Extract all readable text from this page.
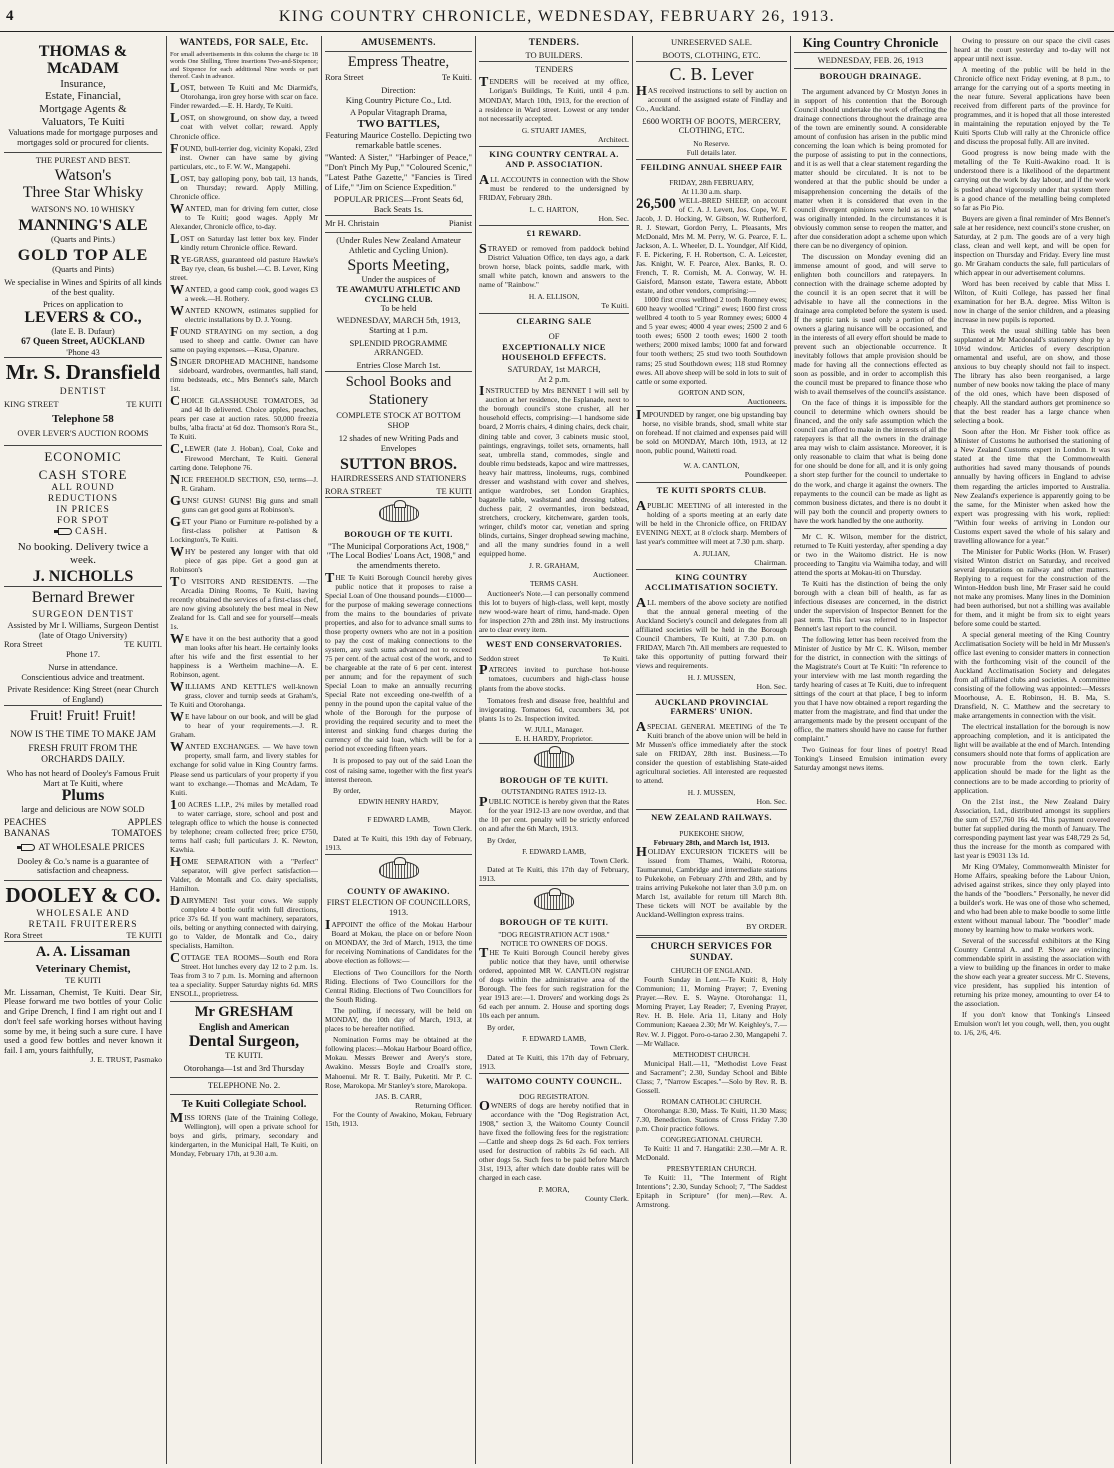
4	KING COUNTRY CHRONICLE, WEDNESDAY, FEBRUARY 26, 1913.
THOMAS & McADAM
Insurance,
Estate, Financial,
Mortgage Agents &
Valuators, Te Kuiti
Valuations made for mortgage purposes and mortgages sold or procured for clients.
THE PUREST AND BEST.
Watson's
Three Star Whisky
WATSON'S NO. 10 WHISKY
MANNING'S ALE
(Quarts and Pints.)
GOLD TOP ALE
(Quarts and Pints)
We specialise in Wines and Spirits of all kinds of the best quality.
Prices on application to
LEVERS & CO.,
(late E. B. Dufaur)
67 Queen Street, AUCKLAND
'Phone 43
Mr. S. Dransfield
DENTIST
KING STREET	TE KUITI
Telephone 58
OVER LEVER'S AUCTION ROOMS
ECONOMIC
CASH STORE
ALL ROUND
REDUCTIONS
IN PRICES
FOR SPOT
CASH.
No booking. Delivery twice a week.
J. NICHOLLS
Bernard Brewer
SURGEON DENTIST
Assisted by Mr I. Williams, Surgeon Dentist (late of Otago University)
Rora Street	TE KUITI.
Phone 17.
Nurse in attendance.
Conscientious advice and treatment.
Private Residence: King Street (near Church of England)
Fruit! Fruit! Fruit!
NOW IS THE TIME TO MAKE JAM
FRESH FRUIT FROM THE ORCHARDS DAILY.
Who has not heard of Dooley's Famous Fruit Mart at Te Kuiti, where
Plums
large and delicious are NOW SOLD
PEACHES	APPLES
BANANAS	TOMATOES
AT WHOLESALE PRICES
Dooley & Co.'s name is a guarantee of satisfaction and cheapness.
DOOLEY & CO.
WHOLESALE AND
RETAIL FRUITERERS
Rora Street	TE KUITI
A. A. Lissaman
Veterinary Chemist,
TE KUITI
Mr. Lissaman, Chemist, Te Kuiti. Dear Sir, Please forward me two bottles of your Colic and Gripe Drench, I find I am right out and I don't feel safe working horses without having some by me, it being such a sure cure. I have used a good few bottles and never known it fail. I am, yours faithfully,
J. E. TRUST, Pasmako
WANTEDS, FOR SALE, Etc.
For small advertisements in this column the charge is: 18 words One Shilling, Three insertions Two-and-Sixpence; and Sixpence for each additional Nine words or part thereof. Cash in advance.
LOST, between Te Kuiti and Mc Diarmid's, Otorohanga, iron grey horse with scar on face. Finder rewarded.—E. H. Hardy, Te Kuiti.
LOST, on showground, on show day, a tweed coat with velvet collar; reward. Apply Chronicle office.
FOUND, bull-terrier dog, vicinity Kopaki, 23rd inst. Owner can have same by giving particulars, etc., to F. W. W., Mangapehi.
LOST, bay galloping pony, bob tail, 13 hands, on Thursday; reward. Apply Milling, Chronicle office.
WANTED, man for driving fern cutter, close to Te Kuiti; good wages. Apply Mr Alexander, Chronicle office, to-day.
LOST on Saturday last letter box key. Finder kindly return Chronicle office. Reward.
RYE-GRASS, guaranteed old pasture Hawke's Bay rye, clean, 6s bushel.—C. B. Lever, King street.
WANTED, a good camp cook, good wages £3 a week.—H. Rothery.
WANTED KNOWN, estimates supplied for electric installations by D. J. Young.
FOUND STRAYING on my section, a dog used to sheep and cattle. Owner can have same on paying expenses.—Kusa, Oparure.
SINGER DROPHEAD MACHINE, handsome sideboard, wardrobes, overmantles, hall stand, rimu bedsteads, etc., Mrs Bennet's sale, March 1st.
CHOICE GLASSHOUSE TOMATOES, 3d and 4d lb delivered. Choice apples, peaches, pears per case at auction rates. 50,000 freezia bulbs, 'alba fracta' at 6d doz. Thomson's Rora St., Te Kuiti.
C.LEWER (late J. Hoban), Coal, Coke and Firewood Merchant, Te Kuiti. General carting done. Telephone 76.
NICE FREEHOLD SECTION, £50, terms—J. R. Graham.
GUNS! GUNS! GUNS! Big guns and small guns can get good guns at Robinson's.
GET your Piano or Furniture re-polished by a first-class polisher at Pattison & Lockington's, Te Kuiti.
WHY be pestered any longer with that old piece of gas pipe. Get a good gun at Robinson's
TO VISITORS AND RESIDENTS. —The Arcadia Dining Rooms, Te Kuiti, having recently obtained the services of a first-class chef, are now giving absolutely the best meal in New Zealand for 1s. Call and see for yourself—meals 1s.
WE have it on the best authority that a good man looks after his heart. He certainly looks after his wife and the first essential to her happiness is a Wertheim machine—A. E. Robinson, agent.
WILLIAMS AND KETTLE'S well-known grass, clover and turnip seeds at Graham's, Te Kuiti and Otorohanga.
WE have labour on our book, and will be glad to hear of your requirements.—J. R. Graham.
WANTED EXCHANGES. — We have town property, small farm, and livery stables for exchange for solid value in King Country farms. Please send us particulars of your property if you want to exchange.—Thomas and McAdam, Te Kuiti.
100 ACRES L.I.P., 2¼ miles by metalled road to water carriage, store, school and post and telegraph office to which the house is connected by telephone; cream collected free; price £750, terms half cash; full particulars J. K. Newton, Kawhia.
HOME SEPARATION with a "Perfect" separator, will give perfect satisfaction—Valder, de Montalk and Co. dairy specialists, Hamilton.
DAIRYMEN! Test your cows. We supply complete 4 bottle outfit with full directions, price 37s 6d. If you want machinery, separators, oils, belting or anything connected with dairying, go to Valder, de Montalk and Co., dairy specialists, Hamilton.
COTTAGE TEA ROOMS—South end Rora Street. Hot lunches every day 12 to 2 p.m. 1s. Teas from 3 to 7 p.m. 1s. Morning and afternoon tea a speciality. Supper Saturday nights 6d. MRS ENSOLL, proprietress.
Mr GRESHAM
English and American
Dental Surgeon,
TE KUITI.
Otorohanga—1st and 3rd Thursday
TELEPHONE No. 2.
Te Kuiti Collegiate School.
MISS IORNS (late of the Training College, Wellington), will open a private school for boys and girls, primary, secondary and kindergarten, in the Municipal Hall, Te Kuiti, on Monday, February 17th, at 9.30 a.m.
AMUSEMENTS.
Empress Theatre,
Rora Street	Te Kuiti.
Direction:
King Country Picture Co., Ltd.
A Popular Vitagraph Drama,
TWO BATTLES,
Featuring Maurice Costello. Depicting two remarkable battle scenes.
"Wanted: A Sister," "Harbinger of Peace," "Don't Pinch My Pup," "Coloured Scenic," "Latest Pathe Gazette," "Fancies is Tired of Life," "Jim on Science Expedition."
POPULAR PRICES—Front Seats 6d, Back Seats 1s.
Mr H. Christain	Pianist
(Under Rules New Zealand Amateur Athletic and Cycling Union).
Sports Meeting,
Under the auspices of
TE AWAMUTU ATHLETIC AND CYCLING CLUB.
To be held
WEDNESDAY, MARCH 5th, 1913,
Starting at 1 p.m.
SPLENDID PROGRAMME ARRANGED.
Entries Close March 1st.
School Books and
Stationery
COMPLETE STOCK AT BOTTOM SHOP
12 shades of new Writing Pads and Envelopes
SUTTON BROS.
HAIRDRESSERS AND STATIONERS
RORA STREET	TE KUITI
BOROUGH OF TE KUITI.
"The Municipal Corporations Act, 1908," "The Local Bodies' Loans Act, 1908," and the amendments thereto.
THE Te Kuiti Borough Council hereby gives public notice that it proposes to raise a Special Loan of One thousand pounds—£1000—for the purpose of making sewerage connections from the mains to the boundaries of private properties, and also for to advance small sums to those property owners who are not in a position to pay the cost of making connections to the system, any such sums advanced not to exceed 75 per cent. of the actual cost of the work, and to be chargeable at the rate of 6 per cent. interest per annum; and for the repayment of such Special Loan to make an annually recurring Special Rate not exceeding one-twelfth of a penny in the pound upon the capital value of the whole of the Borough for the purpose of providing the required security and to meet the interest and sinking fund charges during the currency of the said loan, which will be for a period not exceeding fifteen years.
It is proposed to pay out of the said Loan the cost of raising same, together with the first year's interest thereon.
By order,
EDWIN HENRY HARDY,
Mayor.
F EDWARD LAMB,
Town Clerk.
Dated at Te Kuiti, this 19th day of February, 1913.
COUNTY OF AWAKINO.
FIRST ELECTION OF COUNCILLORS, 1913.
IAPPOINT the office of the Mokau Harbour Board at Mokau, the place on or before Noon on MONDAY, the 3rd of March, 1913, the time for receiving Nominations of Candidates for the above election as follows:—
Elections of Two Councillors for the North Riding. Elections of Two Councillors for the Central Riding. Elections of Two Councillors for the South Riding.
The polling, if necessary, will be held on MONDAY, the 10th day of March, 1913, at places to be hereafter notified.
Nomination Forms may be obtained at the following places:—Mokau Harbour Board office, Mokau. Messrs Brewer and Avery's store, Awakino. Messrs Boyle and Croall's store, Mahoenui. Mr R. T. Baily, Puketiti. Mr P. C. Rose, Marokopa. Mr Stanley's store, Marokopa.
JAS. B. CARR,
Returning Officer.
For the County of Awakino, Mokau, February 15th, 1913.
TENDERS.
TO BUILDERS.
TENDERS
TENDERS will be received at my office, Lorigan's Buildings, Te Kuiti, until 4 p.m. MONDAY, March 10th, 1913, for the erection of a residence in Ward street. Lowest or any tender not necessarily accepted.
G. STUART JAMES,
Architect.
KING COUNTRY CENTRAL A. AND P. ASSOCIATION.
ALL ACCOUNTS in connection with the Show must be rendered to the undersigned by FRIDAY, February 28th.
L. C. HARTON,
Hon. Sec.
£1 REWARD.
STRAYED or removed from paddock behind District Valuation Office, ten days ago, a dark brown horse, black points, saddle mark, with small white patch, known and answers to the name of "Rainbow."
H. A. ELLISON,
Te Kuiti.
CLEARING SALE
OF
EXCEPTIONALLY NICE HOUSEHOLD EFFECTS.
SATURDAY, 1st MARCH,
At 2 p.m.
INSTRUCTED by Mrs BENNET I will sell by auction at her residence, the Esplanade, next to the borough council's stone crusher, all her household effects, comprising:—1 handsome side board, 2 Morris chairs, 4 dining chairs, deck chair, dining table and cover, 3 cabinets music stool, paintings, engravings, toilet sets, ornaments, hall seat, umbrella stand, commodes, single and double rimu bedsteads, kapoc and wire mattresses, heavy hair mattress, linoleums, rugs, combined dresser and washstand with cover and shelves, antique wardrobes, set London Graphics, bagatelle table, washstand and dressing tables, duchess pair, 2 overmantles, iron bedstead, stretchers, crockery, kitchenware, garden tools, wringer, child's motor car, venetian and spring blinds, curtains, Singer drophead sewing machine, and all the many sundries found in a well equipped home.
J. R. GRAHAM,
Auctioneer.
TERMS CASH.
Auctioneer's Note.—I can personally commend this lot to buyers of high-class, well kept, mostly new wood-ware heart of rimu, hand-made. Open for inspection 27th and 28th inst. My instructions are to clear every item.
WEST END CONSERVATORIES.
Seddon street	Te Kuiti.
PATRONS invited to purchase hot-house tomatoes, cucumbers and high-class house plants from the above stocks.
Tomatoes fresh and disease free, healthful and invigorating. Tomatoes 6d, cucumbers 3d, pot plants 1s to 2s. Inspection invited.
W. JULL, Manager.
E. H. HARDY, Proprietor.
BOROUGH OF TE KUITI.
OUTSTANDING RATES 1912-13.
PUBLIC NOTICE is hereby given that the Rates for the year 1912-13 are now overdue, and that the 10 per cent. penalty will be strictly enforced on and after the 6th March, 1913.
By Order,
F. EDWARD LAMB,
Town Clerk.
Dated at Te Kuiti, this 17th day of February, 1913.
BOROUGH OF TE KUITI.
"DOG REGISTRATION ACT 1908."
NOTICE TO OWNERS OF DOGS.
THE Te Kuiti Borough Council hereby gives public notice that they have, until otherwise ordered, appointed MR W. CANTLON registrar of dogs within the administrative area of the Borough. The fees for such registration for the year 1913 are:—1. Drovers' and working dogs 2s 6d each per annum. 2. House and sporting dogs 10s each per annum.
By order,
F. EDWARD LAMB,
Town Clerk.
Dated at Te Kuiti, this 17th day of February, 1913.
WAITOMO COUNTY COUNCIL.
DOG REGISTRATON.
OWNERS of dogs are hereby notified that in accordance with the "Dog Registration Act, 1908," section 3, the Waitomo County Council have fixed the following fees for the registration:—Cattle and sheep dogs 2s 6d each. Fox terriers used for destruction of rabbits 2s 6d each. All other dogs 5s. Such fees to be paid before March 31st, 1913, after which date double rates will be charged in each case.
P. MORA,
County Clerk.
UNRESERVED SALE.
BOOTS, CLOTHING, ETC.
C. B. Lever
HAS received instructions to sell by auction on account of the assigned estate of Findlay and Co., Auckland.
£600 WORTH OF BOOTS, MERCERY, CLOTHING, ETC.
No Reserve.
Full details later.
FEILDING ANNUAL SHEEP FAIR
FRIDAY, 28th FEBRUARY,
At 11.30 a.m. sharp.
26,500 WELL-BRED SHEEP, on account of C. A. J. Levett, Jos. Cope, W. F. Jacob, J. D. Hocking, W. Gibson, W. Rutherford, R. J. Stewart, Gordon Perry, L. Pleasants, Mrs McDonald, Mrs M. M. Perry, W. G. Pearce, F. L. Jackson, A. L. Wheeler, D. L. Youndger, Alf Kidd, F. E. Pickering, F. H. Robertson, C. A. Leicester, Jas. Knight, W. F. Pearce, Alex. Banks, R. O. French, T. R. Cornish, M. A. Conway, W. H. Gaisford, Manson estate, Tawera estate, Abbott estate, and other vendors, comprising:—
1000 first cross wellbred 2 tooth Romney ewes; 600 heavy woolled "Cringi" ewes; 1600 first cross wellbred 4 tooth to 5 year Romney ewes; 6000 4 and 5 year ewes; 4000 4 year ewes; 2500 2 and 6 tooth ewes; 6500 2 tooth ewes; 1600 2 tooth wethers; 2000 mixed lambs; 1000 fat and forward four tooth wethers; 25 stud two tooth Southdown rams; 25 stud Southdown ewes; 118 stud Romney ewes. All above sheep will be sold in lots to suit of cattle or some exported.
GORTON AND SON,
Auctioneers.
IMPOUNDED by ranger, one big upstanding bay horse, no visible brands, shod, small white star on forehead. If not claimed and expenses paid will be sold on MONDAY, March 10th, 1913, at 12 noon, public pound, Waitetti road.
W. A. CANTLON,
Poundkeeper.
TE KUITI SPORTS CLUB.
APUBLIC MEETING of all interested in the holding of a sports meeting at an early date will be held in the Chronicle office, on FRIDAY EVENING NEXT, at 8 o'clock sharp. Members of last year's committee will meet at 7.30 p.m. sharp.
A. JULIAN,
Chairman.
KING COUNTRY ACCLIMATISATION SOCIETY.
ALL members of the above society are notified that the annual general meeting of the Auckland Society's council and delegates from all affiliated societies will be held in the Borough Council Chambers, Te Kuiti, at 7.30 p.m. on FRIDAY, March 7th. All members are requested to take this opportunity of putting forward their views and requirements.
H. J. MUSSEN,
Hon. Sec.
AUCKLAND PROVINCIAL FARMERS' UNION.
ASPECIAL GENERAL MEETING of the Te Kuiti branch of the above union will be held in Mr Mussen's office immediately after the stock sale on FRIDAY, 28th inst. Business.—To consider the question of establishing State-aided agricultural societies. All interested are requested to attend.
H. J. MUSSEN,
Hon. Sec.
NEW ZEALAND RAILWAYS.
PUKEKOHE SHOW,
February 28th, and March 1st, 1913.
HOLIDAY EXCURSION TICKETS will be issued from Thames, Waihi, Rotorua, Taumarunui, Cambridge and intermediate stations to Pukekohe, on February 27th and 28th, and by trains arriving Pukekohe not later than 3.0 p.m. on March 1st, available for return till March 8th. These tickets will NOT be available by the Auckland-Wellington express trains.
BY ORDER.
CHURCH SERVICES FOR SUNDAY.
CHURCH OF ENGLAND.
Fourth Sunday in Lent.—Te Kuiti: 8, Holy Communion; 11, Morning Prayer; 7, Evening Prayer.—Rev. E. S. Wayne. Otorohanga: 11, Morning Prayer, Lay Reader; 7, Evening Prayer, Rev. H. B. Hele. Aria 11, Litany and Holy Communion; Kaeaea 2.30; Mr W. Keighley's, 7.—Rev. W. J. Piggot. Poro-o-tarao 2.30, Mangapehi 7.—Mr Wallace.
METHODIST CHURCH.
Municipal Hall.—11, "Methodist Love Feast and Sacrament"; 2.30, Sunday School and Bible Class; 7, "Narrow Escapes."—Solo by Rev. R. B. Gossell.
ROMAN CATHOLIC CHURCH.
Otorohanga: 8.30, Mass. Te Kuiti, 11.30 Mass; 7.30, Benediction. Stations of Cross Friday 7.30 p.m. Choir practice follows.
CONGREGATIONAL CHURCH.
Te Kuiti: 11 and 7. Hangatiki: 2.30.—Mr A. R. McDonald.
PRESBYTERIAN CHURCH.
Te Kuiti: 11, "The Interment of Right Intentions"; 2.30, Sunday School; 7, "The Saddest Epitaph in Scripture" (for men).—Rev. A. Armstrong.
King Country Chronicle
WEDNESDAY, FEB. 26, 1913
BOROUGH DRAINAGE.
The argument advanced by Cr Mostyn Jones in in support of his contention that the Borough Council should undertake the work of effecting the drainage connections throughout the drainage area of the town are eminently sound. A considerable amount of confusion has arisen in the public mind concerning the loan which is being promoted for the purpose of assisting to put in the connections, and it is as well that a clear statement regarding the matter should be circulated. It is not to be wondered at that the public should be under a misapprehension concerning the details of the matter when it is considered that even in the council divergent opinions were held as to what was originally intended. In the circumstances it is obviously common sense to reopen the matter, and after due consideration adopt a scheme upon which there can be no divergency of opinion.
The discussion on Monday evening did an immense amount of good, and will serve to enlighten both councillors and ratepayers. In connection with the drainage scheme adopted by the council it is an open secret that it will be advisable to have all the connections in the drainage area completed before the system is used. If the septic tank is used only a portion of the owners a glaring nuisance will be occasioned, and in the interests of all every effort should be made to prevent such an objectionable occurrence. It inevitably follows that ample provision should be made for having all the connections effected as soon as possible, and in order to accomplish this the council must be prepared to finance those who wish to avail themselves of the council's assistance.
On the face of things it is impossible for the council to determine which owners should be financed, and the only safe assumption which the council can afford to make in the interests of all the ratepayers is that all the owners in the drainage area may wish to claim assistance. Moreover, it is only reasonable to claim that what is being done for one should be done for all, and it is only going a short step further for the council to undertake to do the work, and charge it against the owners. The repayments to the council can be made as light as common business dictates, and there is no doubt it will pay both the council and property owners to have the work handled by the one authority.
Mr C. K. Wilson, member for the district, returned to Te Kuiti yesterday, after spending a day or two in the Waitomo district. He is now proceeding to Tangitu via Waimiha today, and will attend the sports at Mokau-iti on Thursday.
Te Kuiti has the distinction of being the only borough with a clean bill of health, as far as infectious diseases are concerned, in the district under the supervision of Inspector Bennett for the past term. This fact was referred to in Inspector Bennett's last report to the council.
The following letter has been received from the Minister of Justice by Mr C. K. Wilson, member for the district, in connection with the sittings of the Magistrate's Court at Te Kuiti: "In reference to your interview with me last month regarding the tardy hearing of cases at Te Kuiti, due to infrequent sittings of the court at that place, I beg to inform you that I have now obtained a report regarding the matter from the magistrate, and find that under the arrangements made by the present occupant of the office, the matters should have no cause for further complaint."
Two Guineas for four lines of poetry! Read Tonking's Linseed Emulsion intimation every Saturday amongst news items.
Owing to pressure on our space the civil cases heard at the court yesterday and to-day will not appear until next issue.
A meeting of the public will be held in the Chronicle office next Friday evening, at 8 p.m., to arrange for the carrying out of a sports meeting in the near future. Several applications have been received from different parts of the province for programmes, and it is hoped that all those interested in maintaining the reputation enjoyed by the Te Kuiti Sports Club will rally at the Chronicle office and discuss the proposal fully. All are invited.
Good progress is now being made with the metalling of the Te Kuiti-Awakino road. It is understood there is a likelihood of the department carrying out the work by day labour, and if the work is pushed ahead vigorously under that system there is a good chance of the metalling being completed so far as Pio Pio.
Buyers are given a final reminder of Mrs Bennet's sale at her residence, next council's stone crusher, on Saturday, at 2 p.m. The goods are of a very high class, clean and well kept, and will be open for inspection on Thursday and Friday. Every line must go. Mr Graham conducts the sale, full particulars of which appear in our advertisement columns.
Word has been received by cable that Miss I. Wilton, of Kuiti College, has passed her final examination for her B.A. degree. Miss Wilton is now in charge of the senior children, and a pleasing increase in new pupils is reported.
This week the usual shilling table has been supplanted at Mr Macdonald's stationery shop by a 10½d window. Articles of every description ornamental and useful, are on show, and those anxious to buy cheaply should not fail to inspect. The library has also been reorganised, a large number of new books now taking the place of many of the old ones, which have been disposed of cheaply. All the standard authors get prominence so that the best reader has a large chance when selecting a book.
Soon after the Hon. Mr Fisher took office as Minister of Customs he authorised the stationing of a New Zealand Customs expert in London. It was stated at the time that the Commonwealth authorities had saved many thousands of pounds annually by having officers in England to advise them regarding the articles imported to Australia. New Zealand's experience is apparently going to be the same, for the Minister when asked how the expert was progressing with his work, replied: "Within four weeks of arriving in London our Customs expert saved the whole of his salary and travelling allowance for a year."
The Minister for Public Works (Hon. W. Fraser) visited Winton district on Saturday, and received several deputations on railway and other matters. Replying to a request for the construction of the Winton-Heddon bush line, Mr Fraser said he could not make any promises. Many lines in the Dominion had been authorised, but not a shilling was available for them, and it might be from six to eight years before some could be started.
A special general meeting of the King Country Acclimatisation Society will be held in Mr Mussen's office last evening to consider matters in connection with the forthcoming visit of the council of the Auckland Acclimatisation Society and delegates from all affiliated clubs and societies. A committee consisting of the following was appointed:—Messrs Moorhouse, A. E. Robinson, H. B. Ma, S. Dransfield, N. C. Matthew and the secretary to make arrangements in connection with the visit.
The electrical installation for the borough is now approaching completion, and it is anticipated the light will be available at the end of March. Intending consumers should note that forms of application are now procurable from the town clerk. Early application should be made for the light as the connections are to be made according to priority of application.
On the 21st inst., the New Zealand Dairy Association, Ltd., distributed amongst its suppliers the sum of £57,760 16s 4d. This payment covered butter fat supplied during the month of January. The corresponding payment last year was £48,729 2s 5d, thus the increase for the month as compared with last year is £9031 13s 1d.
Mr King O'Maley, Commonwealth Minister for Home Affairs, speaking before the Labour Union, advised against strikes, since they only played into the hands of the "boodlers." Personally, he never did a builder's work. He was one of those who schemed, and who had been able to make boodle to some little extent without manual labour. The "boodler" made money by learning how to make workers work.
Several of the successful exhibitors at the King Country Central A. and P. Show are evincing commendable spirit in assisting the association with a view to building up the finances in order to make the show each year a greater success. Mr C. Stevens, vice president, has supplied his intention of returning his prize money, amounting to over £4 to the association.
If you don't know that Tonking's Linseed Emulsion won't let you cough, well, then, you ought to. 1/6, 2/6, 4/6.
